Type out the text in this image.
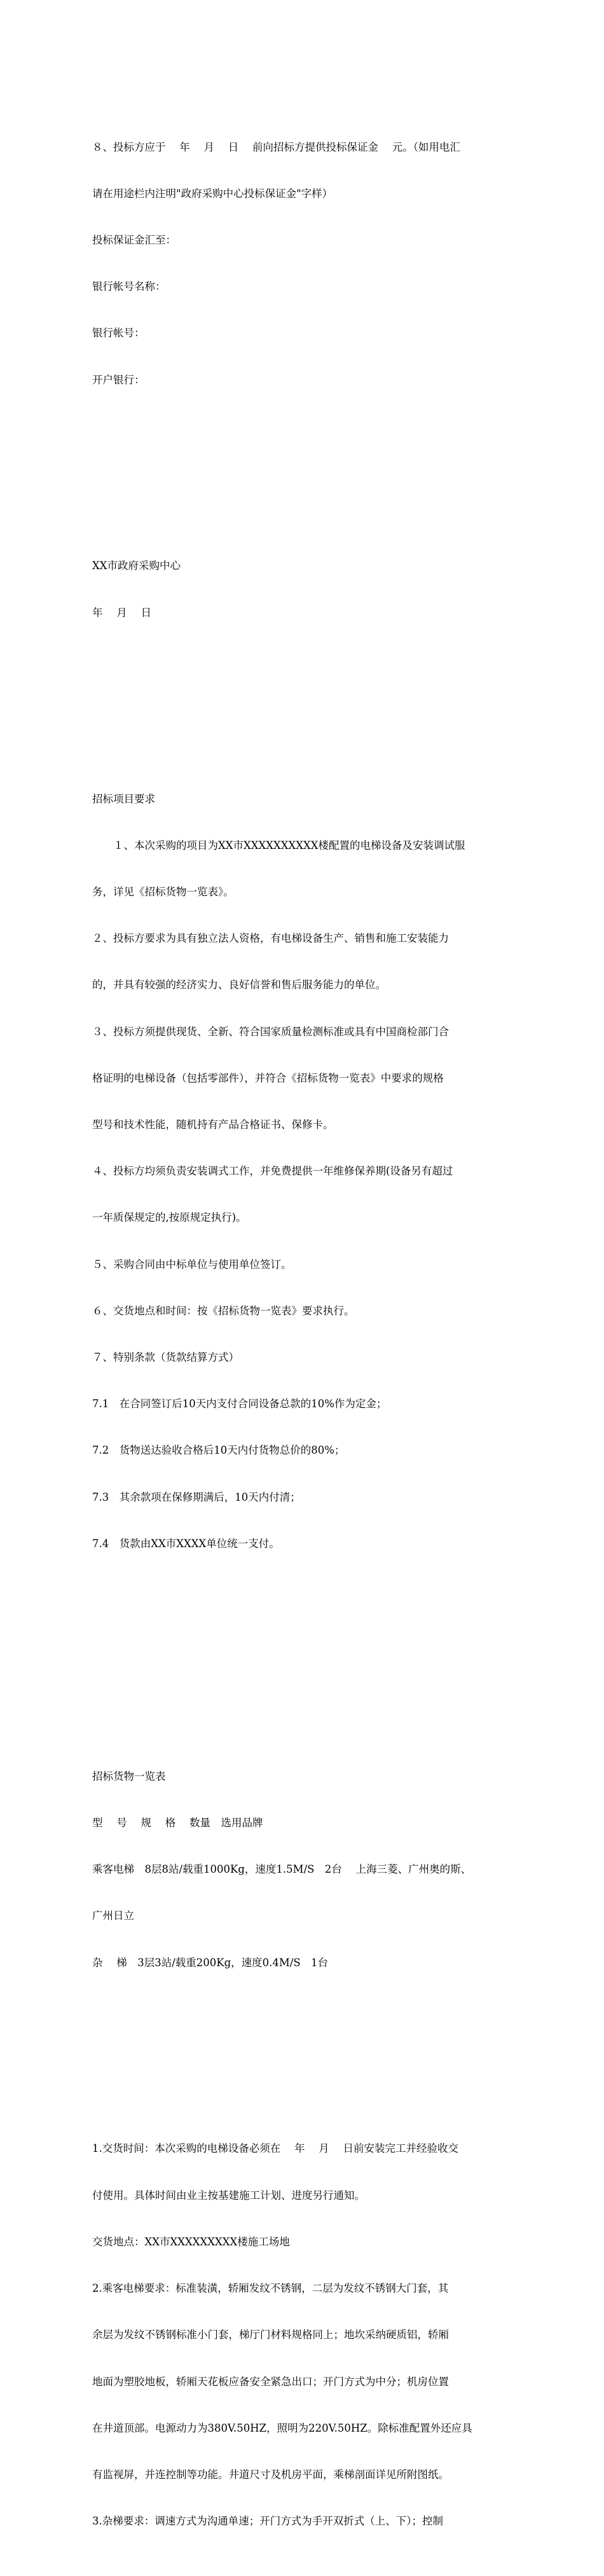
８、投标方应于　 年　 月　 日　 前向招标方提供投标保证金　 元。（如用电汇

请在用途栏内注明"政府采购中心投标保证金"字样）

投标保证金汇至：

银行帐号名称：

银行帐号：

开户银行：

XX市政府采购中心

年　 月　 日

招标项目要求

　　１、本次采购的项目为XX市XXXXXXXXXX楼配置的电梯设备及安装调试服

务，详见《招标货物一览表》。

２、投标方要求为具有独立法人资格，有电梯设备生产、销售和施工安装能力

的，并具有较强的经济实力、良好信誉和售后服务能力的单位。

３、投标方须提供现货、全新、符合国家质量检测标准或具有中国商检部门合

格证明的电梯设备（包括零部件），并符合《招标货物一览表》中要求的规格

型号和技术性能，随机持有产品合格证书、保修卡。

４、投标方均须负责安装调式工作，并免费提供一年维修保养期(设备另有超过

一年质保规定的,按原规定执行)。

５、采购合同由中标单位与使用单位签订。

６、交货地点和时间：按《招标货物一览表》要求执行。

７、特别条款（货款结算方式）

7.1　在合同签订后10天内支付合同设备总款的10%作为定金；

7.2　货物送达验收合格后10天内付货物总价的80%；

7.3　其余款项在保修期满后，10天内付清；

7.4　货款由XX市XXXX单位统一支付。

招标货物一览表

型　 号　 规　 格　 数量　选用品牌

乘客电梯　8层8站/载重1000Kg，速度1.5M/S　2台　 上海三菱、广州奥的斯、

广州日立

杂　 梯　3层3站/载重200Kg，速度0.4M/S　1台

1.交货时间：本次采购的电梯设备必须在　 年　 月　 日前安装完工并经验收交

付使用。具体时间由业主按基建施工计划、进度另行通知。

交货地点：XX市XXXXXXXXX楼施工场地

2.乘客电梯要求：标准装潢，轿厢发纹不锈钢，二层为发纹不锈钢大门套，其

余层为发纹不锈钢标准小门套，梯厅门材料规格同上；地坎采纳硬质铝，轿厢

地面为塑胶地板，轿厢天花板应备安全紧急出口；开门方式为中分；机房位置

在井道顶部。电源动力为380V.50HZ，照明为220V.50HZ。除标准配置外还应具

有监视屏，并连控制等功能。井道尺寸及机房平面，乘梯剖面详见所附图纸。

3.杂梯要求：调速方式为沟通单速；开门方式为手开双折式（上、下）；控制
